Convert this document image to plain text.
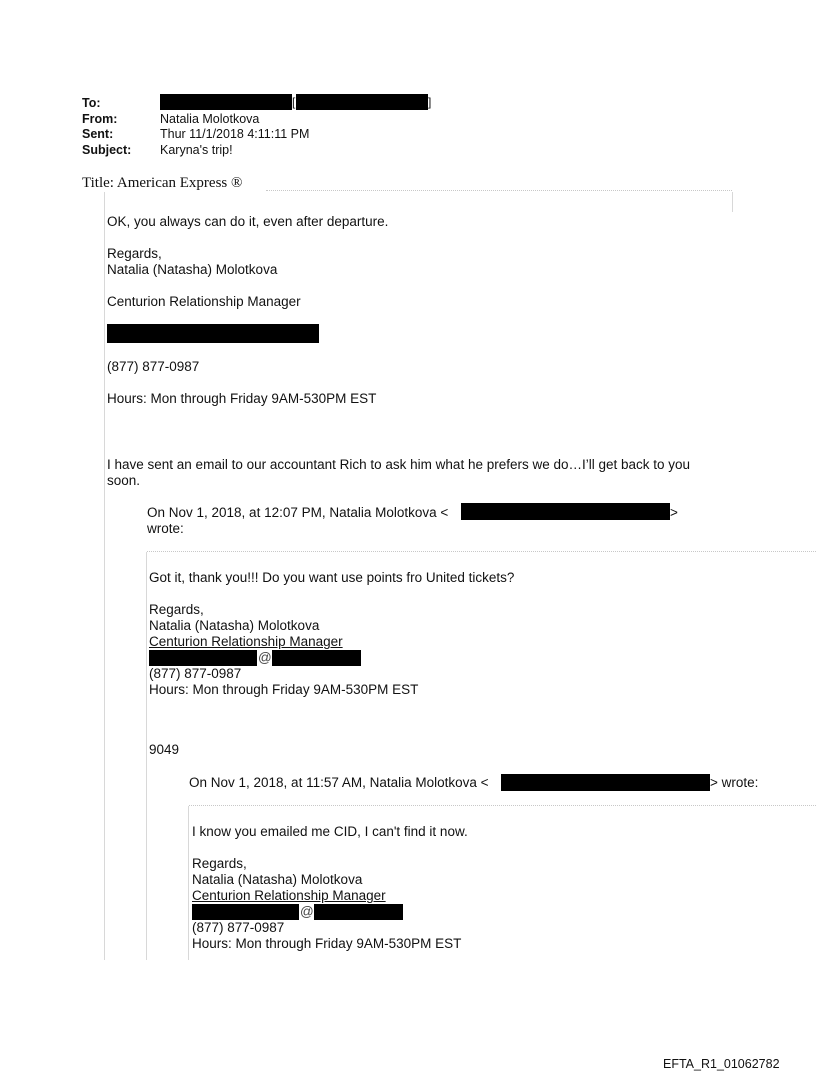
To:	[	]
From:	Natalia Molotkova
Sent:	Thur 11/1/2018 4:11:11 PM
Subject: Karyna's trip!
Title: American Express ®
OK, you always can do it, even after departure.
Regards,
Natalia (Natasha) Molotkova
Centurion Relationship Manager
(877) 877-0987
Hours: Mon through Friday 9AM-530PM EST
I have sent an email to our accountant Rich to ask him what he prefers we do…I’ll get back to you
soon.
On Nov 1, 2018, at 12:07 PM, Natalia Molotkova <	>
wrote:
Got it, thank you!!! Do you want use points fro United tickets?
Regards,
Natalia (Natasha) Molotkova
Centurion Relationship Manager
@
(877) 877-0987
Hours: Mon through Friday 9AM-530PM EST
9049
On Nov 1, 2018, at 11:57 AM, Natalia Molotkova <	> wrote:
I know you emailed me CID, I can't find it now.
Regards,
Natalia (Natasha) Molotkova
Centurion Relationship Manager
@
(877) 877-0987
Hours: Mon through Friday 9AM-530PM EST
EFTA_R1_01062782
